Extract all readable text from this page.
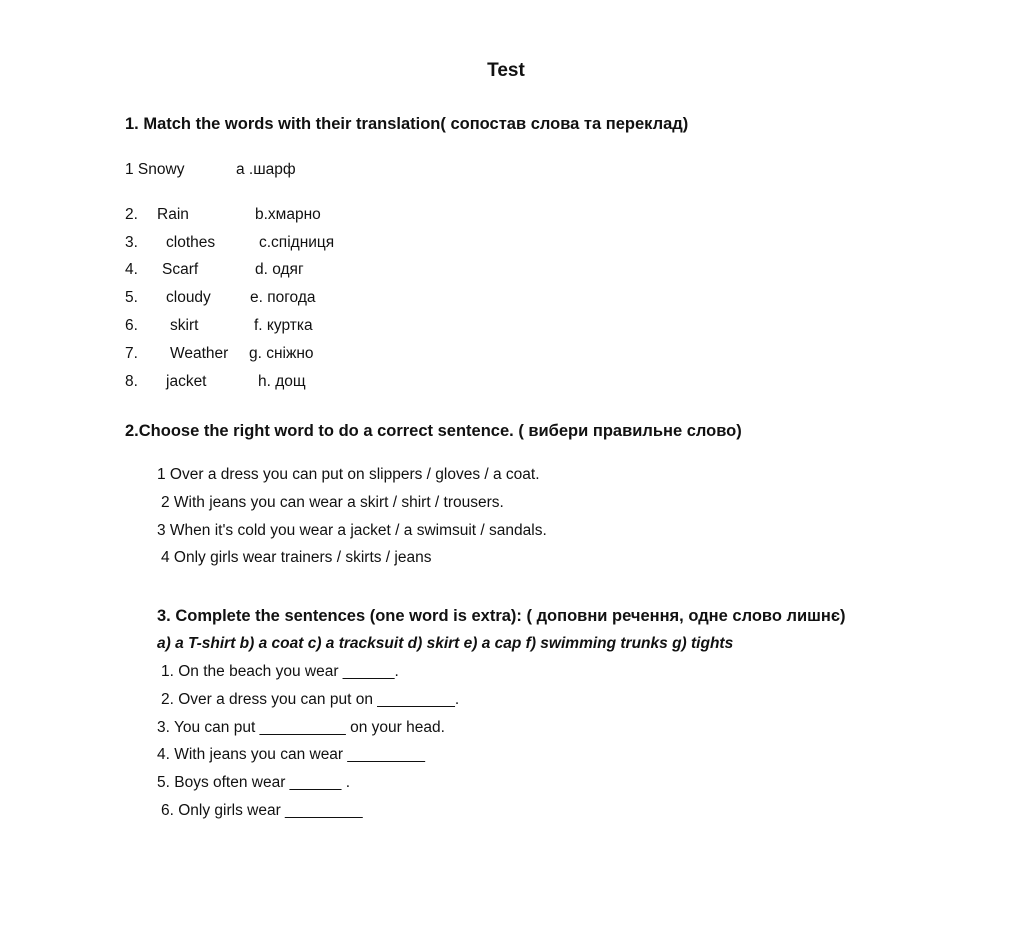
Test
1. Match the words with their translation( сопостав слова та переклад)
1 Snowy	a .шарф
2. Rain	b.хмарно
3. clothes	c.спідниця
4. Scarf	d. одяг
5. cloudy	e. погода
6. skirt	f. куртка
7. Weather g. сніжно
8. jacket	h. дощ
2.Choose the right word to do a correct sentence. ( вибери правильне слово)
1 Over a dress you can put on slippers / gloves / a coat.
2 With jeans you can wear a skirt / shirt / trousers.
3 When it's cold you wear a jacket / a swimsuit / sandals.
4 Only girls wear trainers / skirts / jeans
3. Complete the sentences (one word is extra): ( доповни речення, одне слово лишнє)
a) a T-shirt b) a coat c) a tracksuit d) skirt e) a cap f) swimming trunks g) tights
1. On the beach you wear ______.
2. Over a dress you can put on _________.
3. You can put __________ on your head.
4. With jeans you can wear _________
5. Boys often wear ______ .
6. Only girls wear _________
